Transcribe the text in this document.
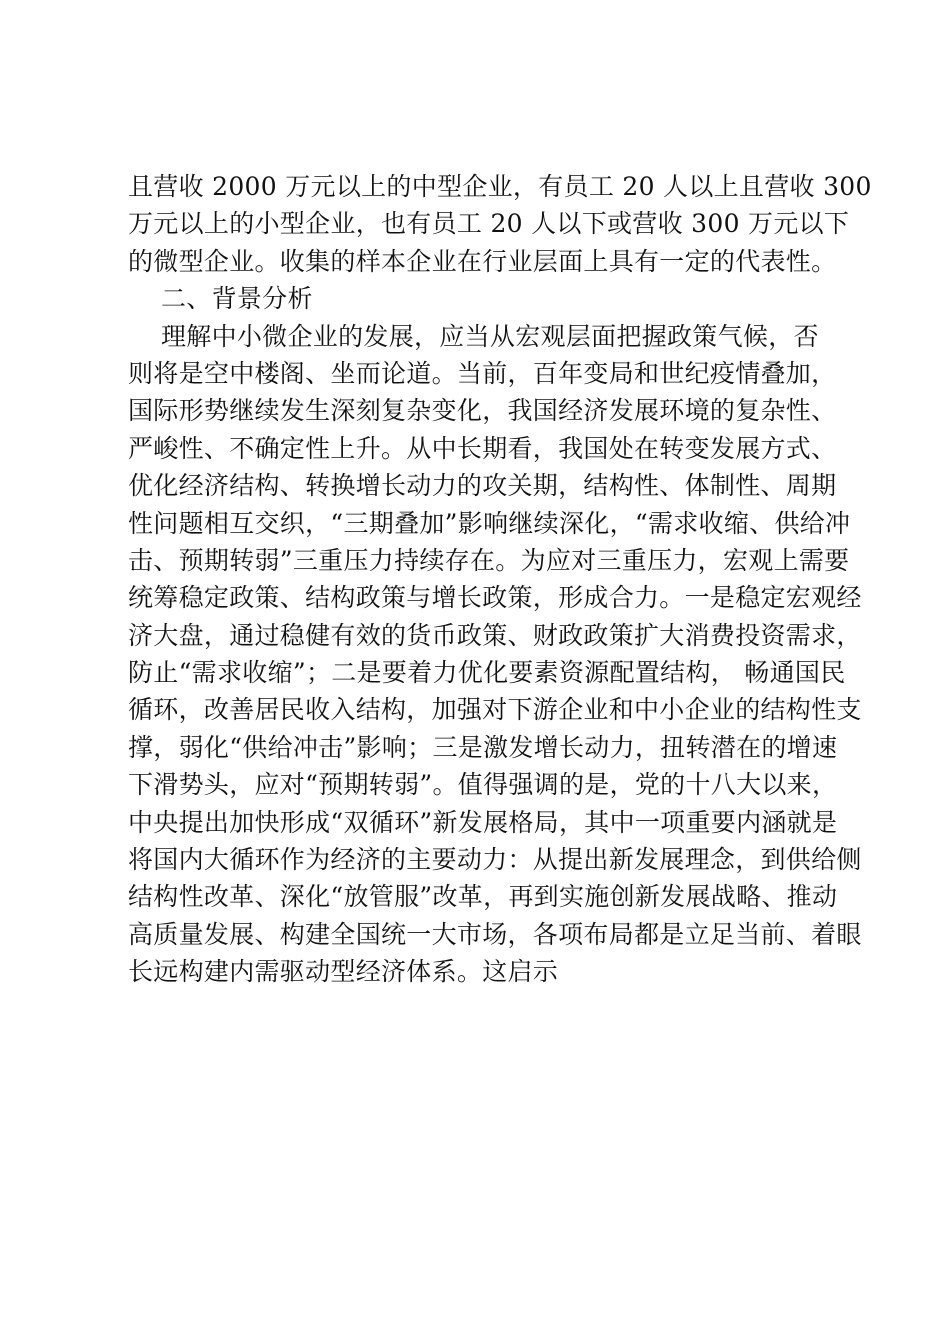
且营收 2000 万元以上的中型企业，有员工 20 人以上且营收 300
万元以上的小型企业，也有员工 20 人以下或营收 300 万元以下
的微型企业。收集的样本企业在行业层面上具有一定的代表性。
二、背景分析
理解中小微企业的发展，应当从宏观层面把握政策气候，否
则将是空中楼阁、坐而论道。当前，百年变局和世纪疫情叠加，
国际形势继续发生深刻复杂变化，我国经济发展环境的复杂性、
严峻性、不确定性上升。从中长期看，我国处在转变发展方式、
优化经济结构、转换增长动力的攻关期，结构性、体制性、周期
性问题相互交织，“三期叠加”影响继续深化，“需求收缩、供给冲
击、预期转弱”三重压力持续存在。为应对三重压力，宏观上需要
统筹稳定政策、结构政策与增长政策，形成合力。一是稳定宏观经
济大盘，通过稳健有效的货币政策、财政政策扩大消费投资需求，
防止“需求收缩”；二是要着力优化要素资源配置结构， 畅通国民
循环，改善居民收入结构，加强对下游企业和中小企业的结构性支
撑，弱化“供给冲击”影响；三是激发增长动力，扭转潜在的增速
下滑势头，应对“预期转弱”。值得强调的是，党的十八大以来，
中央提出加快形成“双循环”新发展格局，其中一项重要内涵就是
将国内大循环作为经济的主要动力：从提出新发展理念，到供给侧
结构性改革、深化“放管服”改革，再到实施创新发展战略、推动
高质量发展、构建全国统一大市场，各项布局都是立足当前、着眼
长远构建内需驱动型经济体系。这启示
